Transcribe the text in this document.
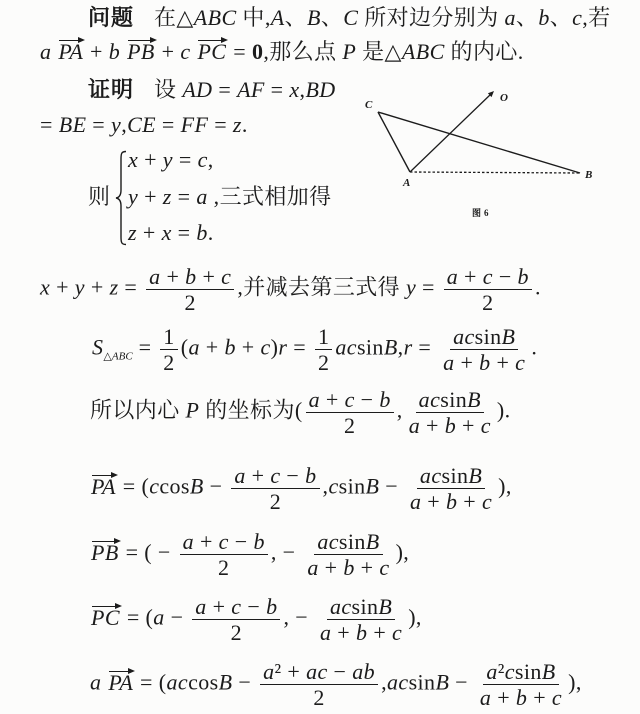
问题 在△ABC 中,A、B、C 所对边分别为 a、b、c,若
a PA + b PB + c PC = 0,那么点 P 是△ABC 的内心.
证明 设 AD = AF = x,BD
= BE = y,CE = FF = z.
则
x + y = c,
y + z = a ,三式相加得
z + x = b.
C
A
B
O
图 6
$x + y + z = \frac{a + b + c}{2}$ ,并减去第三式得 $y = \frac{a + c - b}{2}$ .
$S_{\triangle ABC} = \frac{1}{2} (a + b + c)r = \frac{1}{2} acsinB,r = \frac{acsinB}{a + b + c}$ .
所以内心 P 的坐标为( $\frac{a + c - b}{2}$ , $\frac{acsinB}{a + b + c}$ ).
PA = ($ccosB - \frac{a + c - b}{2} ,csinB - \frac{acsinB}{a + b + c}$ ),
PB = ( − $\frac{a + c - b}{2}$ , − $\frac{acsinB}{a + b + c}$ ),
PC = ($a - \frac{a + c - b}{2}$ , − $\frac{acsinB}{a + b + c}$ ),
a PA = ($accosB - \frac{\text{a² + ac − ab}}{2} ,acsinB - \frac{\text{a²csinB}}{a + b + c}$ ),
